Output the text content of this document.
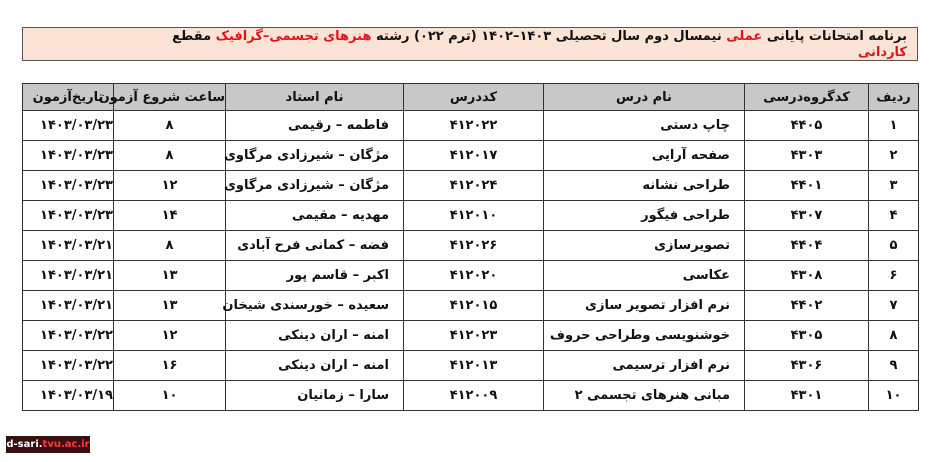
برنامه امتحانات پایانی عملی نیمسال دوم سال تحصیلی ۱۴۰۳–۱۴۰۲ (ترم ۰۲۲) رشته هنرهای تجسمی–گرافیک مقطع
کاردانی
ردیف	کدگروه‌درسی	نام درس	کددرس	نام استاد	ساعت شروع آزمون	تاریخ‌آزمون
۱	۴۴۰۵	چاپ دستی	۴۱۲۰۲۲	فاطمه – رقیمی	۸	۱۴۰۳/۰۳/۲۳
۲	۴۳۰۳	صفحه آرایی	۴۱۲۰۱۷	مژگان – شیرزادی مرگاوی	۸	۱۴۰۳/۰۳/۲۳
۳	۴۴۰۱	طراحی نشانه	۴۱۲۰۲۴	مژگان – شیرزادی مرگاوی	۱۲	۱۴۰۳/۰۳/۲۳
۴	۴۳۰۷	طراحی فیگور	۴۱۲۰۱۰	مهدیه – مقیمی	۱۴	۱۴۰۳/۰۳/۲۳
۵	۴۴۰۴	تصویرسازی	۴۱۲۰۲۶	فضه – کمانی فرح آبادی	۸	۱۴۰۳/۰۳/۲۱
۶	۴۳۰۸	عکاسی	۴۱۲۰۲۰	اکبر – قاسم پور	۱۳	۱۴۰۳/۰۳/۲۱
۷	۴۴۰۲	نرم افزار تصویر سازی	۴۱۲۰۱۵	سعیده – خورسندی شیخان	۱۳	۱۴۰۳/۰۳/۲۱
۸	۴۳۰۵	خوشنویسی وطراحی حروف	۴۱۲۰۲۳	امنه – اران دینکی	۱۲	۱۴۰۳/۰۳/۲۲
۹	۴۳۰۶	نرم افزار ترسیمی	۴۱۲۰۱۳	امنه – اران دینکی	۱۶	۱۴۰۳/۰۳/۲۲
۱۰	۴۳۰۱	مبانی هنرهای تجسمی ۲	۴۱۲۰۰۹	سارا – زمانیان	۱۰	۱۴۰۳/۰۳/۱۹
d-sari.tvu.ac.ir
